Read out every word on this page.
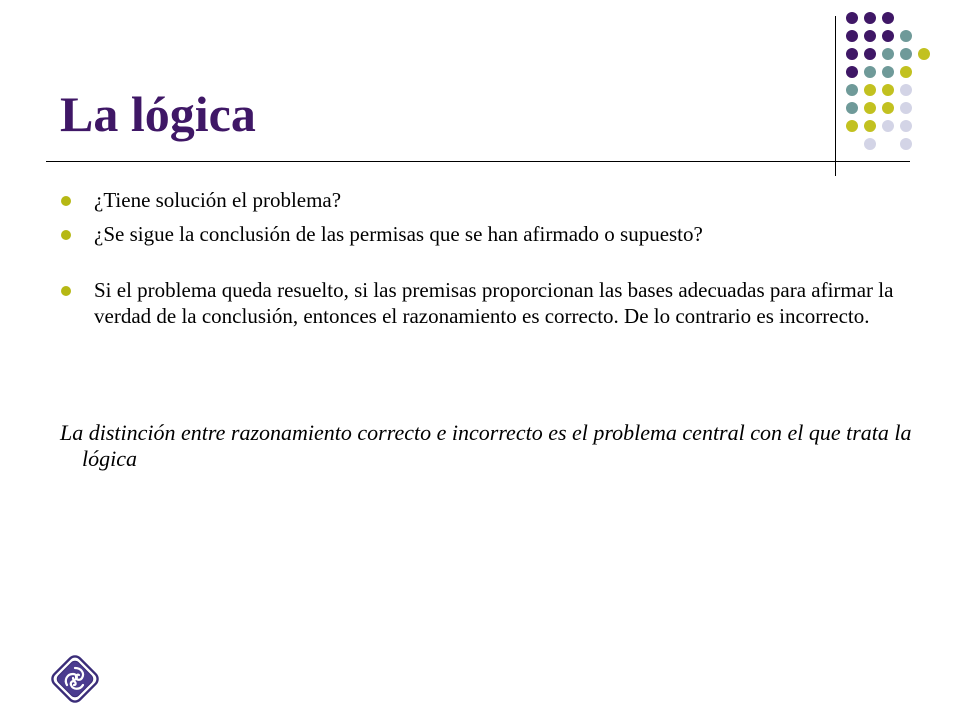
La lógica
¿Tiene solución el problema?
¿Se sigue la conclusión de las permisas que se han afirmado o supuesto?
Si el problema queda resuelto, si las premisas proporcionan las bases adecuadas para afirmar la verdad de la conclusión, entonces el razonamiento es correcto. De lo contrario es incorrecto.

La distinción entre razonamiento correcto e incorrecto es el problema central con el que trata la lógica
